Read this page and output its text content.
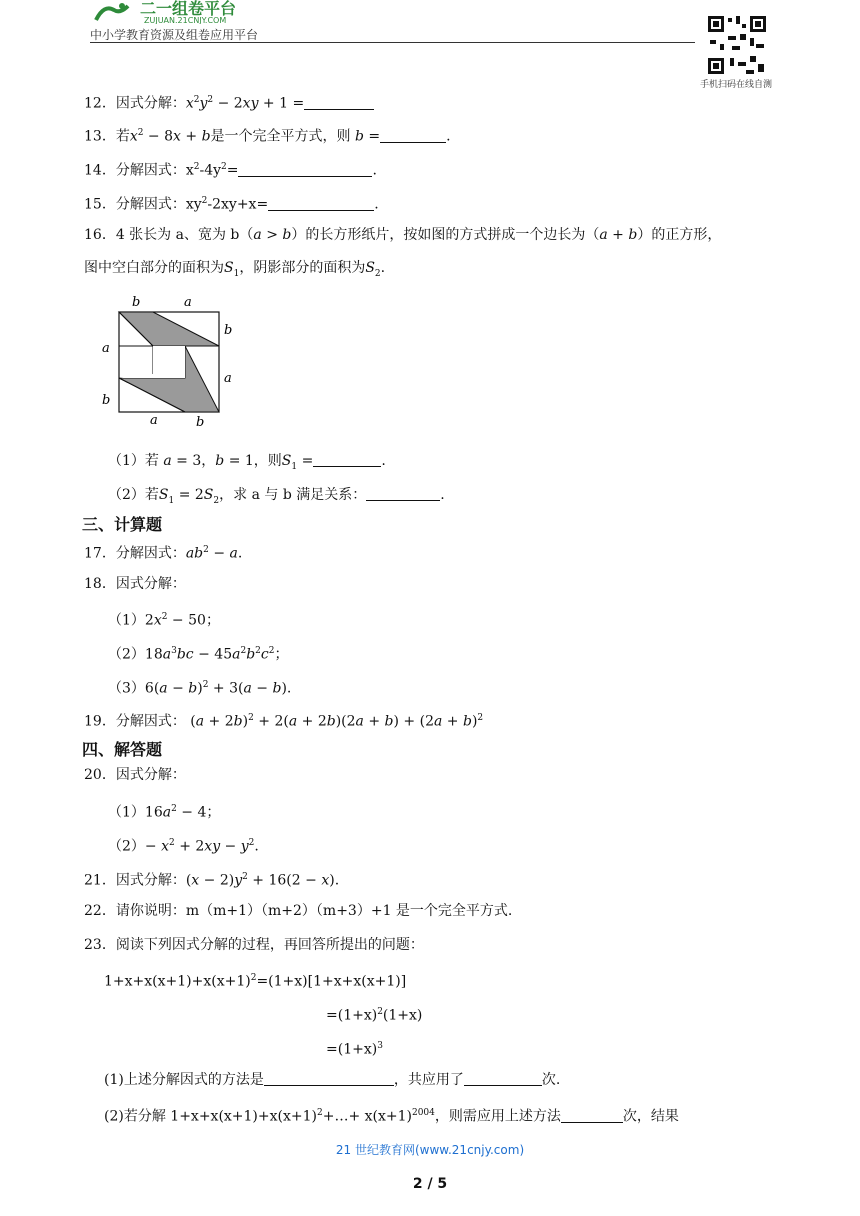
二一组卷平台
ZUJUAN.21CNJY.COM
中小学教育资源及组卷应用平台
手机扫码在线自测
12．因式分解：$x^2y^2 - 2xy + 1$ =
13．若$x^2 - 8x + b$是一个完全平方式，则 b =	.
14．分解因式：$x^2-4y^2=$	.
15．分解因式：$xy^2-2xy+x=$	.
16．4 张长为 a、宽为 b（a > b）的长方形纸片，按如图的方式拼成一个边长为（a + b）的正方形，
图中空白部分的面积为$S_1$，阴影部分的面积为$S_2$.
b	a
b
a
a
b
a	b
（1）若 a = 3，b = 1，则$S_1$ =	.
（2）若$S_1 = 2S_2$，求 a 与 b 满足关系：	.
三、计算题
17．分解因式：$ab^2 - a$.
18．因式分解：
$(1)2x^2 - 50$；
$(2)18a^3bc - 45a^2b^2c^2$；
$(3)6(a - b)^2 + 3(a - b)$.
19．分解因式： $(a + 2b)^2 + 2(a + 2b)(2a + b) + (2a + b)^2$
四、解答题
20．因式分解：
$(1)16a^2 - 4$；
$(2)- x^2 + 2xy - y^2$.
21．因式分解：$(x - 2)y^2 + 16(2 - x)$.
22．请你说明：m（m+1）（m+2）（m+3）+1 是一个完全平方式.
23．阅读下列因式分解的过程，再回答所提出的问题：
$1+x+x(x+1)+x(x+1)^2=(1+x)[1+x+x(x+1)]$
$=(1+x)^2(1+x)$
$=(1+x)^3$
(1)上述分解因式的方法是	，共应用了	次.
(2)若分解 $1+x+x(x+1)+x(x+1)^2+\dots+ x(x+1)^{2004}$，则需应用上述方法	次，结果
21 世纪教育网(www.21cnjy.com)
2 / 5
